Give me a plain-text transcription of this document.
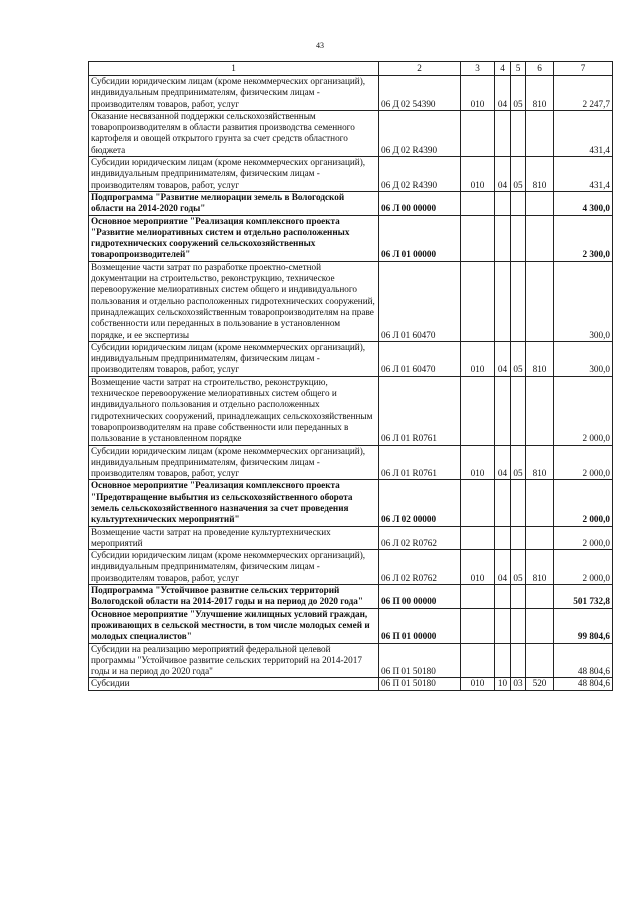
43
1	2	3	4	5	6	7
Субсидии юридическим лицам (кроме некоммерческих организаций), индивидуальным предпринимателям, физическим лицам - производителям товаров, работ, услуг	06 Д 02 54390	010	04	05	810	2 247,7
Оказание несвязанной поддержки сельскохозяйственным товаропроизводителям в области развития производства семенного картофеля и овощей открытого грунта за счет средств областного бюджета	06 Д 02 R4390					431,4
Субсидии юридическим лицам (кроме некоммерческих организаций), индивидуальным предпринимателям, физическим лицам - производителям товаров, работ, услуг	06 Д 02 R4390	010	04	05	810	431,4
Подпрограмма "Развитие мелиорации земель в Вологодской области на 2014-2020 годы"	06 Л 00 00000					4 300,0
Основное мероприятие "Реализация комплексного проекта "Развитие мелиоративных систем и отдельно расположенных гидротехнических сооружений сельскохозяйственных товаропроизводителей"	06 Л 01 00000					2 300,0
Возмещение части затрат по разработке проектно-сметной документации на строительство, реконструкцию, техническое перевооружение мелиоративных систем общего и индивидуального пользования и отдельно расположенных гидротехнических сооружений, принадлежащих сельскохозяйственным товаропроизводителям на праве собственности или переданных в пользование в установленном порядке, и ее экспертизы	06 Л 01 60470					300,0
Субсидии юридическим лицам (кроме некоммерческих организаций), индивидуальным предпринимателям, физическим лицам - производителям товаров, работ, услуг	06 Л 01 60470	010	04	05	810	300,0
Возмещение части затрат на строительство, реконструкцию, техническое перевооружение мелиоративных систем общего и индивидуального пользования и отдельно расположенных гидротехнических сооружений, принадлежащих сельскохозяйственным товаропроизводителям на праве собственности или переданных в пользование в установленном порядке	06 Л 01 R0761					2 000,0
Субсидии юридическим лицам (кроме некоммерческих организаций), индивидуальным предпринимателям, физическим лицам - производителям товаров, работ, услуг	06 Л 01 R0761	010	04	05	810	2 000,0
Основное мероприятие "Реализация комплексного проекта "Предотвращение выбытия из сельскохозяйственного оборота земель сельскохозяйственного назначения за счет проведения культуртехнических мероприятий"	06 Л 02 00000					2 000,0
Возмещение части затрат на проведение культуртехнических мероприятий	06 Л 02 R0762					2 000,0
Субсидии юридическим лицам (кроме некоммерческих организаций), индивидуальным предпринимателям, физическим лицам - производителям товаров, работ, услуг	06 Л 02 R0762	010	04	05	810	2 000,0
Подпрограмма "Устойчивое развитие сельских территорий Вологодской области на 2014-2017 годы и на период до 2020 года"	06 П 00 00000					501 732,8
Основное мероприятие "Улучшение жилищных условий граждан, проживающих в сельской местности, в том числе молодых семей и молодых специалистов"	06 П 01 00000					99 804,6
Субсидии на реализацию мероприятий федеральной целевой программы "Устойчивое развитие сельских территорий на 2014-2017 годы и на период до 2020 года"	06 П 01 50180					48 804,6
Субсидии	06 П 01 50180	010	10	03	520	48 804,6
